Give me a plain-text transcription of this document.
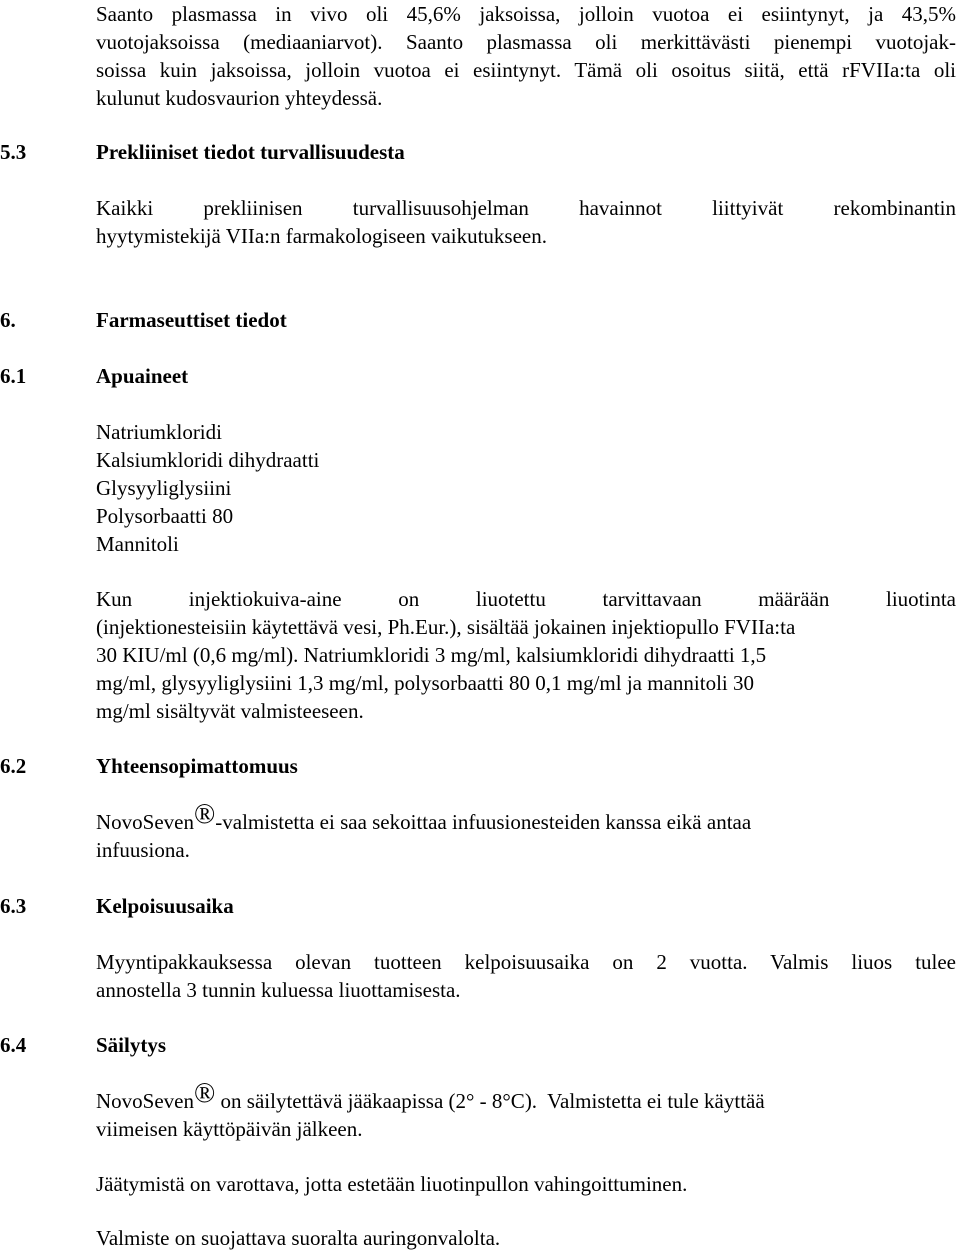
Saanto plasmassa in vivo oli 45,6% jaksoissa, jolloin vuotoa ei esiintynyt, ja 43,5%
vuotojaksoissa (mediaaniarvot). Saanto plasmassa oli merkittävästi pienempi vuotojak-
soissa kuin jaksoissa, jolloin vuotoa ei esiintynyt. Tämä oli osoitus siitä, että rFVIIa:ta oli
kulunut kudosvaurion yhteydessä.
5.3	Prekliiniset tiedot turvallisuudesta
Kaikki prekliinisen turvallisuusohjelman havainnot liittyivät rekombinantin
hyytymistekijä VIIa:n farmakologiseen vaikutukseen.
6.	Farmaseuttiset tiedot
6.1	Apuaineet
Natriumkloridi
Kalsiumkloridi dihydraatti
Glysyyliglysiini
Polysorbaatti 80
Mannitoli
Kun injektiokuiva-aine on liuotettu tarvittavaan määrään liuotinta
(injektionesteisiin käytettävä vesi, Ph.Eur.), sisältää jokainen injektiopullo FVIIa:ta
30 KIU/ml (0,6 mg/ml). Natriumkloridi 3 mg/ml, kalsiumkloridi dihydraatti 1,5
mg/ml, glysyyliglysiini 1,3 mg/ml, polysorbaatti 80 0,1 mg/ml ja mannitoli 30
mg/ml sisältyvät valmisteeseen.
6.2	Yhteensopimattomuus
NovoSeven®-valmistetta ei saa sekoittaa infuusionesteiden kanssa eikä antaa
infuusiona.
6.3	Kelpoisuusaika
Myyntipakkauksessa olevan tuotteen kelpoisuusaika on 2 vuotta. Valmis liuos tulee
annostella 3 tunnin kuluessa liuottamisesta.
6.4	Säilytys
NovoSeven® on säilytettävä jääkaapissa (2° - 8°C).  Valmistetta ei tule käyttää
viimeisen käyttöpäivän jälkeen.
Jäätymistä on varottava, jotta estetään liuotinpullon vahingoittuminen.
Valmiste on suojattava suoralta auringonvalolta.
